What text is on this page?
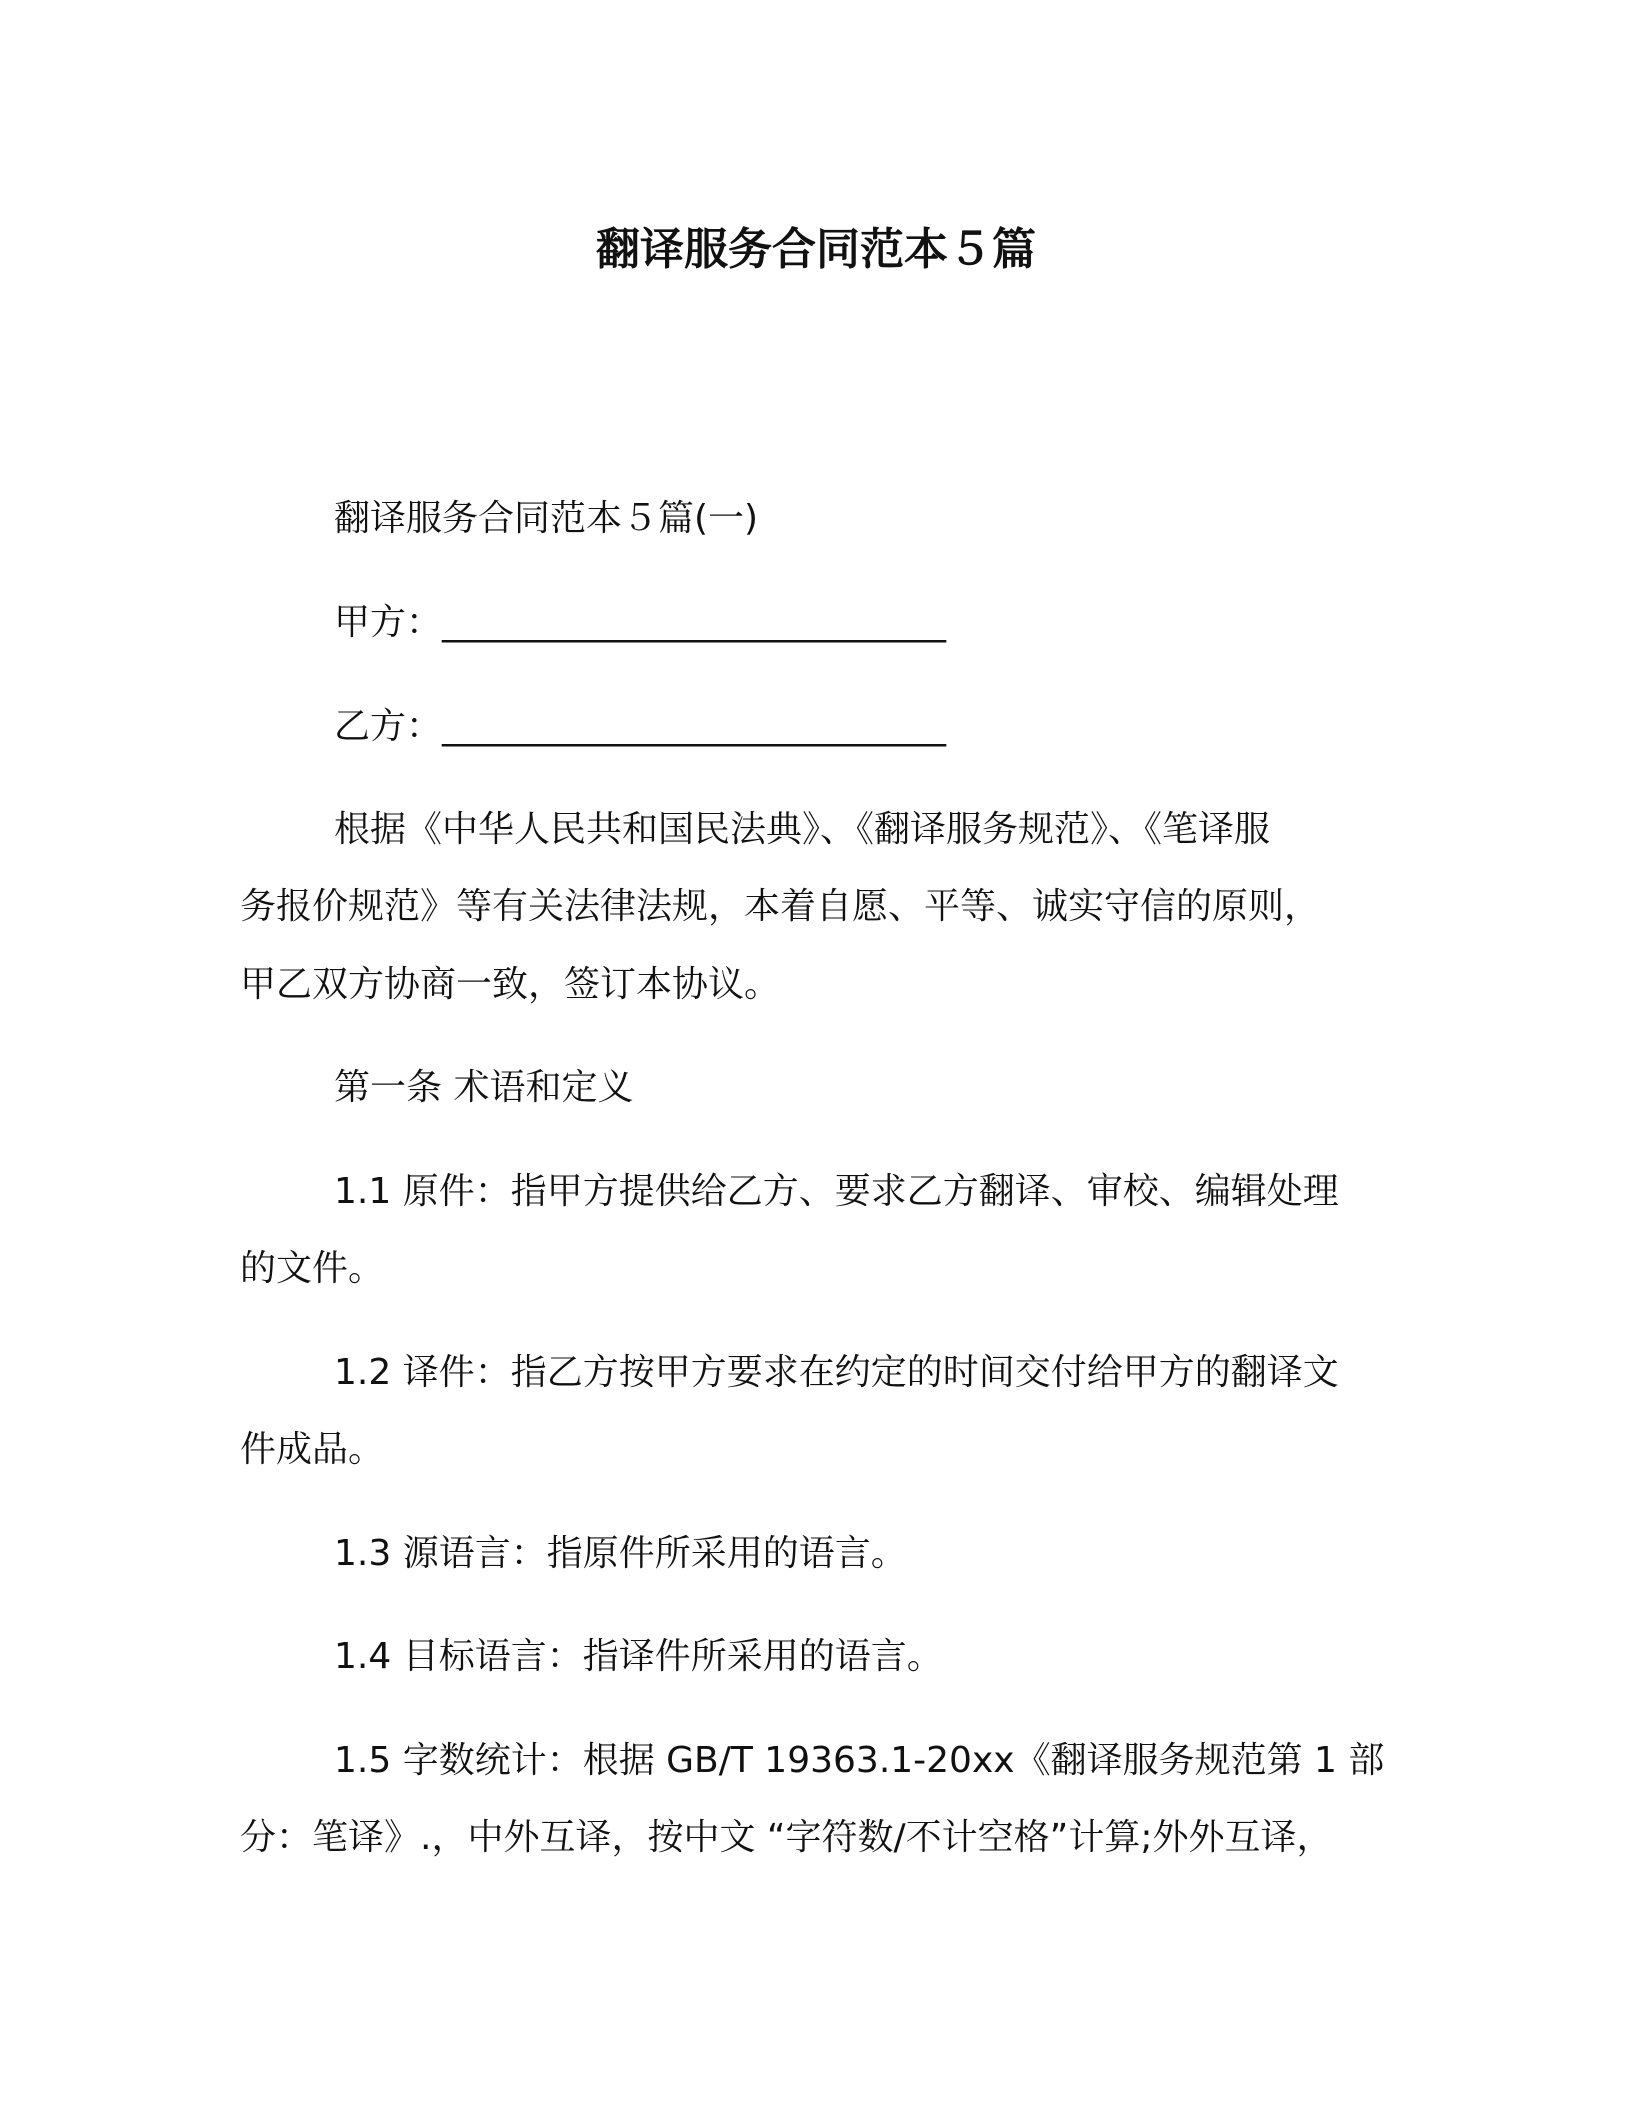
翻译服务合同范本５篇
翻译服务合同范本５篇(一)
甲方：____________________________
乙方：____________________________
根据《中华人民共和国民法典》、《翻译服务规范》、《笔译服
务报价规范》等有关法律法规，本着自愿、平等、诚实守信的原则，
甲乙双方协商一致，签订本协议。
第一条 术语和定义
1.1 原件：指甲方提供给乙方、要求乙方翻译、审校、编辑处理
的文件。
1.2 译件：指乙方按甲方要求在约定的时间交付给甲方的翻译文
件成品。
1.3 源语言：指原件所采用的语言。
1.4 目标语言：指译件所采用的语言。
1.5 字数统计：根据 GB/T 19363.1-20xx《翻译服务规范第 1 部
分：笔译》.，中外互译，按中文 “字符数/不计空格”计算;外外互译，
